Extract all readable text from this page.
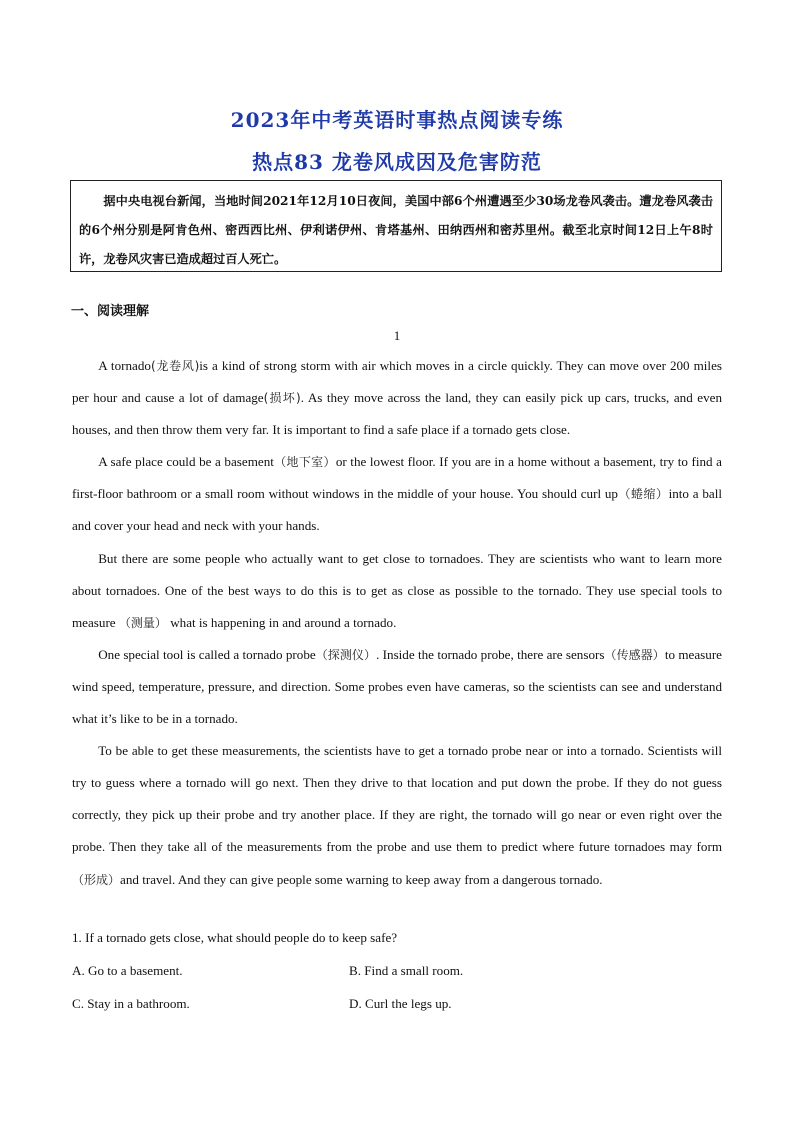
2023年中考英语时事热点阅读专练
热点83 龙卷风成因及危害防范
据中央电视台新闻，当地时间2021年12月10日夜间，美国中部6个州遭遇至少30场龙卷风袭击。遭龙卷风袭击的6个州分别是阿肯色州、密西西比州、伊利诺伊州、肯塔基州、田纳西州和密苏里州。截至北京时间12日上午8时许，龙卷风灾害已造成超过百人死亡。
一、阅读理解
1

A tornado(龙卷风)is a kind of strong storm with air which moves in a circle quickly. They can move over 200 miles per hour and cause a lot of damage(损坏). As they move across the land, they can easily pick up cars, trucks, and even houses, and then throw them very far. It is important to find a safe place if a tornado gets close.

A safe place could be a basement（地下室）or the lowest floor. If you are in a home without a basement, try to find a first-floor bathroom or a small room without windows in the middle of your house. You should curl up（蜷缩）into a ball and cover your head and neck with your hands.

But there are some people who actually want to get close to tornadoes. They are scientists who want to learn more about tornadoes. One of the best ways to do this is to get as close as possible to the tornado. They use special tools to measure （测量） what is happening in and around a tornado.

One special tool is called a tornado probe（探测仪）. Inside the tornado probe, there are sensors（传感器）to measure wind speed, temperature, pressure, and direction. Some probes even have cameras, so the scientists can see and understand what it’s like to be in a tornado.

To be able to get these measurements, the scientists have to get a tornado probe near or into a tornado. Scientists will try to guess where a tornado will go next. Then they drive to that location and put down the probe. If they do not guess correctly, they pick up their probe and try another place. If they are right, the tornado will go near or even right over the probe. Then they take all of the measurements from the probe and use them to predict where future tornadoes may form（形成）and travel. And they can give people some warning to keep away from a dangerous tornado.

1. If a tornado gets close, what should people do to keep safe?
A. Go to a basement.	B. Find a small room.
C. Stay in a bathroom.	D. Curl the legs up.
